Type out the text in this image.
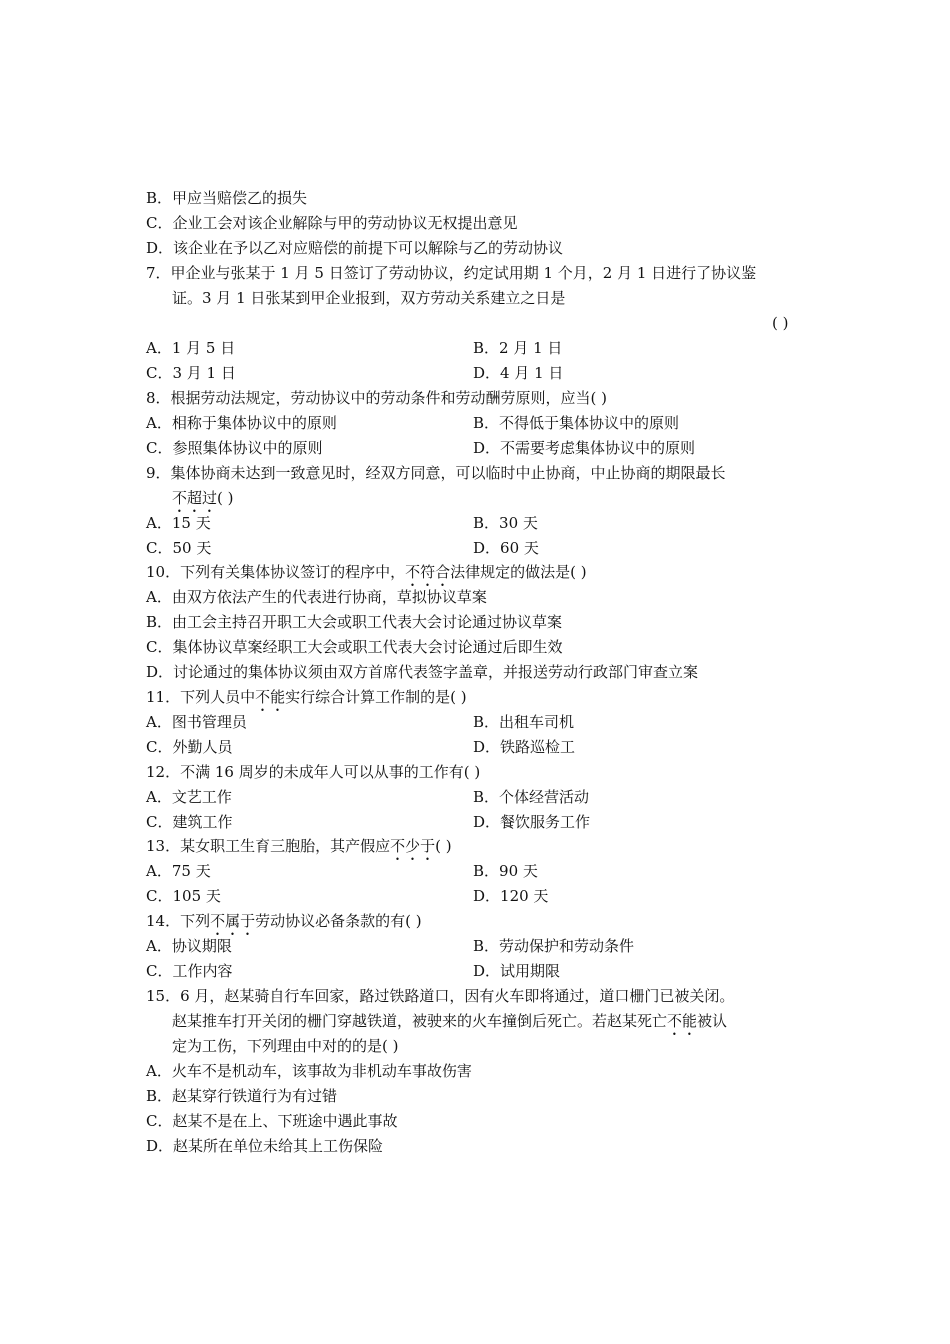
B．甲应当赔偿乙的损失
C．企业工会对该企业解除与甲的劳动协议无权提出意见
D．该企业在予以乙对应赔偿的前提下可以解除与乙的劳动协议
7．甲企业与张某于 1 月 5 日签订了劳动协议，约定试用期 1 个月，2 月 1 日进行了协议鉴
证。3 月 1 日张某到甲企业报到，双方劳动关系建立之日是
( )
A．1 月 5 日	B．2 月 1 日
C．3 月 1 日	D．4 月 1 日
8．根据劳动法规定，劳动协议中的劳动条件和劳动酬劳原则，应当( )
A．相称于集体协议中的原则	B．不得低于集体协议中的原则
C．参照集体协议中的原则	D．不需要考虑集体协议中的原则
9．集体协商未达到一致意见时，经双方同意，可以临时中止协商，中止协商的期限最长
不超过( )
A．15 天	B．30 天
C．50 天	D．60 天
10．下列有关集体协议签订的程序中，不符合法律规定的做法是( )
A．由双方依法产生的代表进行协商，草拟协议草案
B．由工会主持召开职工大会或职工代表大会讨论通过协议草案
C．集体协议草案经职工大会或职工代表大会讨论通过后即生效
D．讨论通过的集体协议须由双方首席代表签字盖章，并报送劳动行政部门审查立案
11．下列人员中不能实行综合计算工作制的是( )
A．图书管理员	B．出租车司机
C．外勤人员	D．铁路巡检工
12．不满 16 周岁的未成年人可以从事的工作有( )
A．文艺工作	B．个体经营活动
C．建筑工作	D．餐饮服务工作
13．某女职工生育三胞胎，其产假应不少于( )
A．75 天	B．90 天
C．105 天	D．120 天
14．下列不属于劳动协议必备条款的有( )
A．协议期限	B．劳动保护和劳动条件
C．工作内容	D．试用期限
15．6 月，赵某骑自行车回家，路过铁路道口，因有火车即将通过，道口栅门已被关闭。
赵某推车打开关闭的栅门穿越铁道，被驶来的火车撞倒后死亡。若赵某死亡不能被认
定为工伤，下列理由中对的的是( )
A．火车不是机动车，该事故为非机动车事故伤害
B．赵某穿行铁道行为有过错
C．赵某不是在上、下班途中遇此事故
D．赵某所在单位未给其上工伤保险
